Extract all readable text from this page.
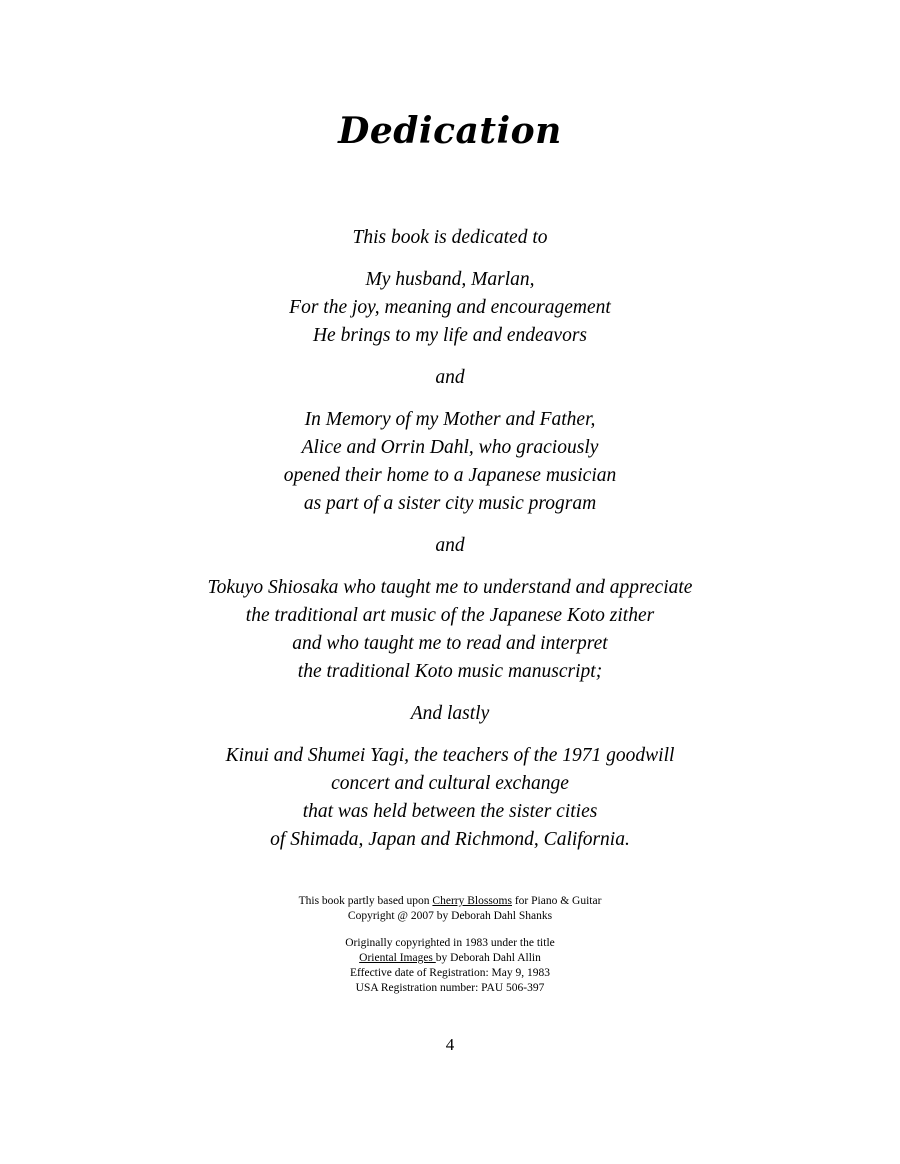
Dedication
This book is dedicated to
My husband, Marlan,
For the joy, meaning and encouragement
He brings to my life and endeavors
and
In Memory of my Mother and Father,
Alice and Orrin Dahl, who graciously
opened their home to a Japanese musician
as part of a sister city music program
and
Tokuyo Shiosaka who taught me to understand and appreciate
the traditional art music of the Japanese Koto zither
and who taught me to read and interpret
the traditional Koto music manuscript;
And lastly
Kinui and Shumei Yagi, the teachers of the 1971 goodwill
concert and cultural exchange
that was held between the sister cities
of Shimada, Japan and Richmond, California.
This book partly based upon Cherry Blossoms for Piano & Guitar
Copyright @ 2007 by Deborah Dahl Shanks
Originally copyrighted in 1983 under the title
Oriental Images by Deborah Dahl Allin
Effective date of Registration: May 9, 1983
USA Registration number: PAU 506-397
4
